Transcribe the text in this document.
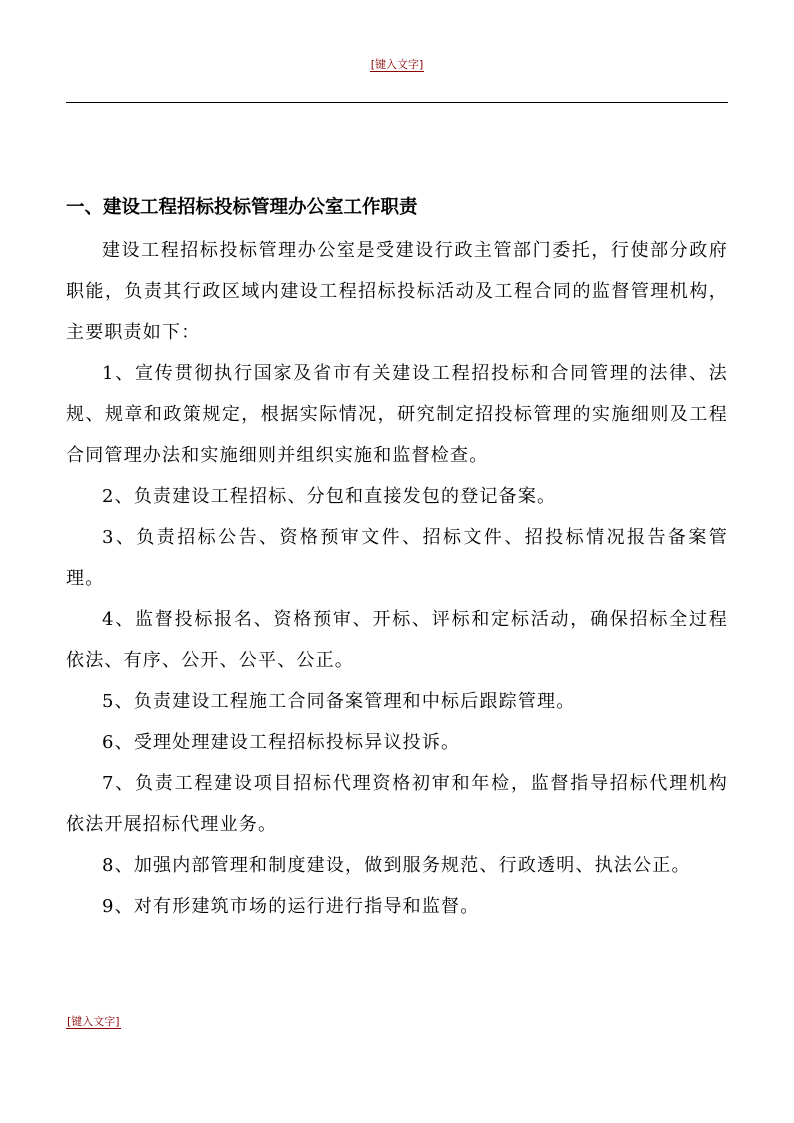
[键入文字]
一、建设工程招标投标管理办公室工作职责

建设工程招标投标管理办公室是受建设行政主管部门委托，行使部分政府职能，负责其行政区域内建设工程招标投标活动及工程合同的监督管理机构，主要职责如下：

1、宣传贯彻执行国家及省市有关建设工程招投标和合同管理的法律、法规、规章和政策规定，根据实际情况，研究制定招投标管理的实施细则及工程合同管理办法和实施细则并组织实施和监督检查。

2、负责建设工程招标、分包和直接发包的登记备案。

3、负责招标公告、资格预审文件、招标文件、招投标情况报告备案管理。

4、监督投标报名、资格预审、开标、评标和定标活动，确保招标全过程依法、有序、公开、公平、公正。

5、负责建设工程施工合同备案管理和中标后跟踪管理。

6、受理处理建设工程招标投标异议投诉。

7、负责工程建设项目招标代理资格初审和年检，监督指导招标代理机构依法开展招标代理业务。

8、加强内部管理和制度建设，做到服务规范、行政透明、执法公正。

9、对有形建筑市场的运行进行指导和监督。

[键入文字]
